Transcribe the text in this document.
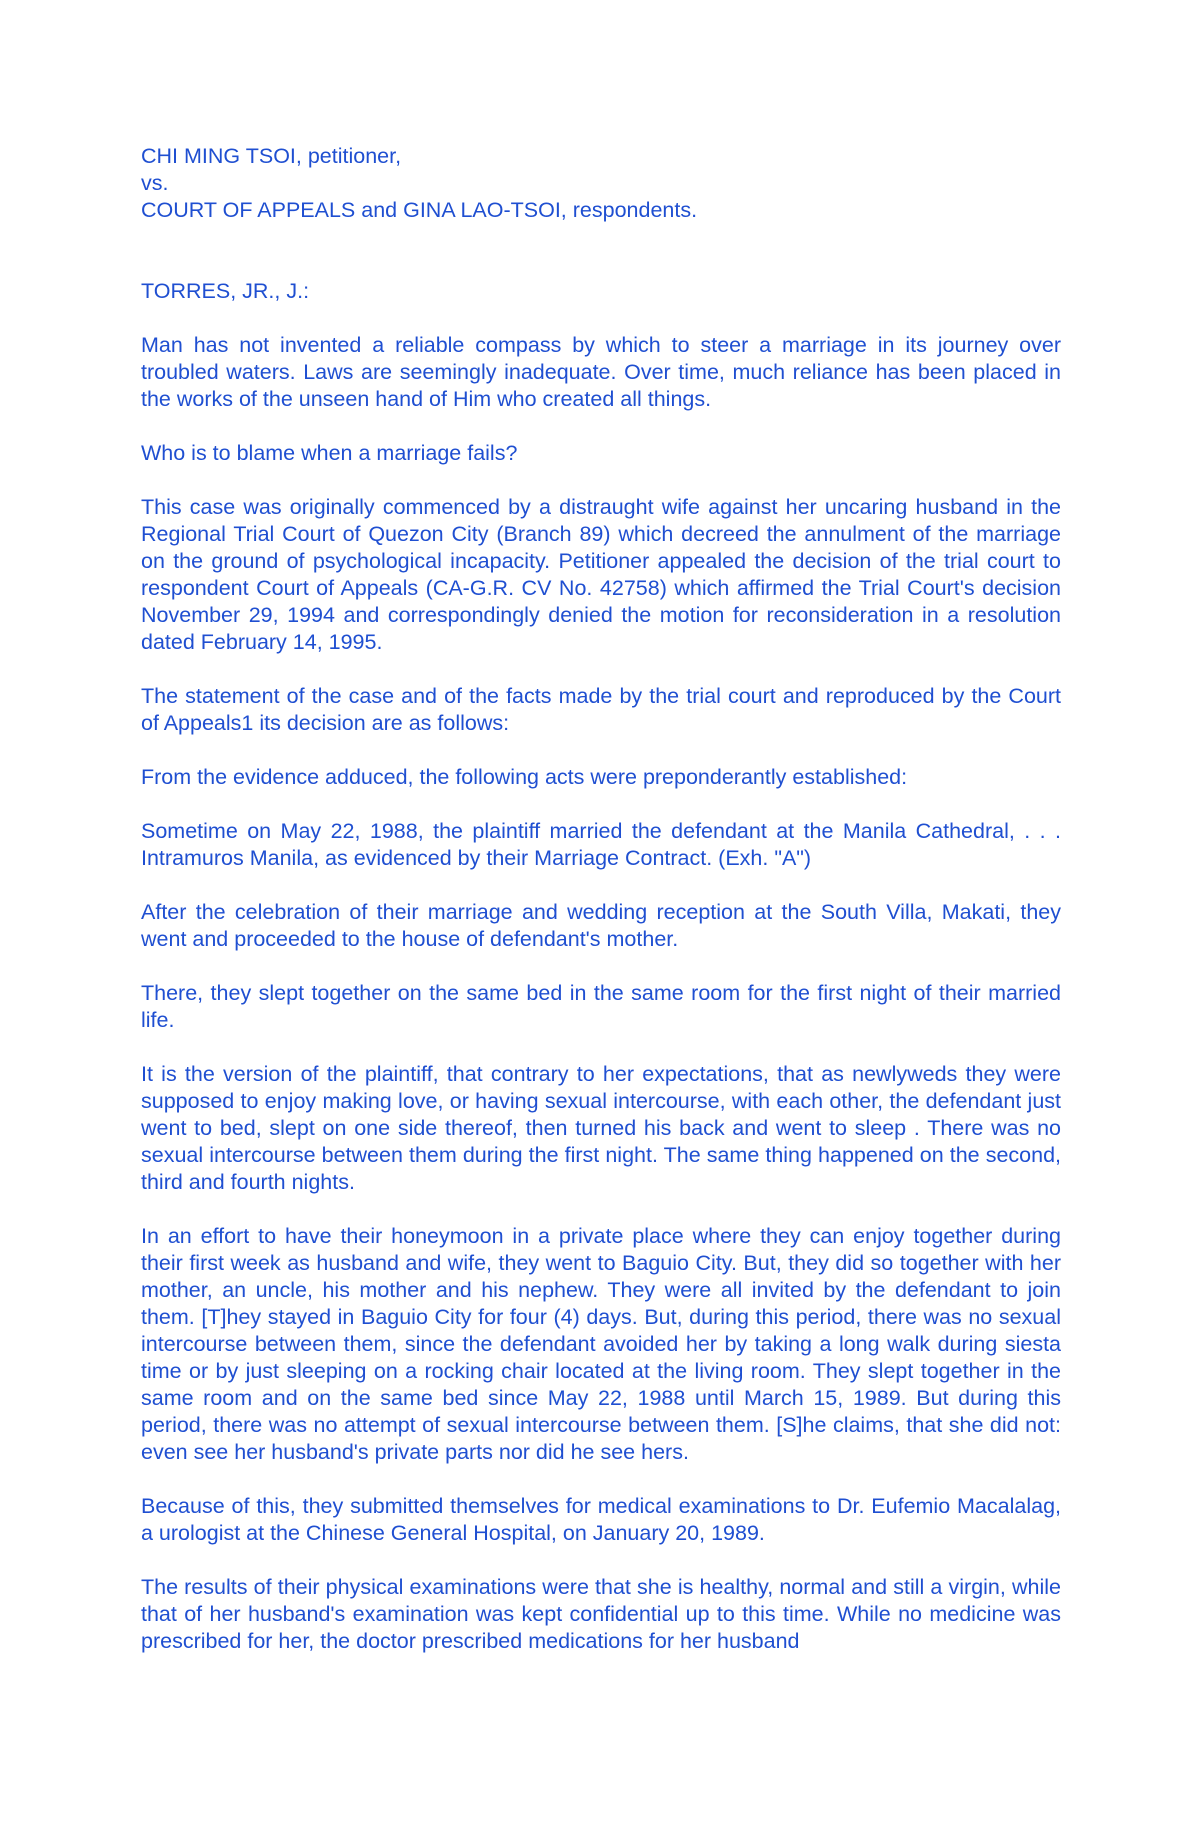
CHI MING TSOI, petitioner,

vs.

COURT OF APPEALS and GINA LAO-TSOI, respondents.

TORRES, JR., J.:

Man has not invented a reliable compass by which to steer a marriage in its journey over troubled waters. Laws are seemingly inadequate. Over time, much reliance has been placed in the works of the unseen hand of Him who created all things.

Who is to blame when a marriage fails?

This case was originally commenced by a distraught wife against her uncaring husband in the Regional Trial Court of Quezon City (Branch 89) which decreed the annulment of the marriage on the ground of psychological incapacity. Petitioner appealed the decision of the trial court to respondent Court of Appeals (CA-G.R. CV No. 42758) which affirmed the Trial Court's decision November 29, 1994 and correspondingly denied the motion for reconsideration in a resolution dated February 14, 1995.

The statement of the case and of the facts made by the trial court and reproduced by the Court of Appeals1 its decision are as follows:

From the evidence adduced, the following acts were preponderantly established:

Sometime on May 22, 1988, the plaintiff married the defendant at the Manila Cathedral, . . . Intramuros Manila, as evidenced by their Marriage Contract. (Exh. "A")

After the celebration of their marriage and wedding reception at the South Villa, Makati, they went and proceeded to the house of defendant's mother.

There, they slept together on the same bed in the same room for the first night of their married life.

It is the version of the plaintiff, that contrary to her expectations, that as newlyweds they were supposed to enjoy making love, or having sexual intercourse, with each other, the defendant just went to bed, slept on one side thereof, then turned his back and went to sleep . There was no sexual intercourse between them during the first night. The same thing happened on the second, third and fourth nights.

In an effort to have their honeymoon in a private place where they can enjoy together during their first week as husband and wife, they went to Baguio City. But, they did so together with her mother, an uncle, his mother and his nephew. They were all invited by the defendant to join them. [T]hey stayed in Baguio City for four (4) days. But, during this period, there was no sexual intercourse between them, since the defendant avoided her by taking a long walk during siesta time or by just sleeping on a rocking chair located at the living room. They slept together in the same room and on the same bed since May 22, 1988 until March 15, 1989. But during this period, there was no attempt of sexual intercourse between them. [S]he claims, that she did not: even see her husband's private parts nor did he see hers.

Because of this, they submitted themselves for medical examinations to Dr. Eufemio Macalalag, a urologist at the Chinese General Hospital, on January 20, 1989.

The results of their physical examinations were that she is healthy, normal and still a virgin, while that of her husband's examination was kept confidential up to this time. While no medicine was prescribed for her, the doctor prescribed medications for her husband
